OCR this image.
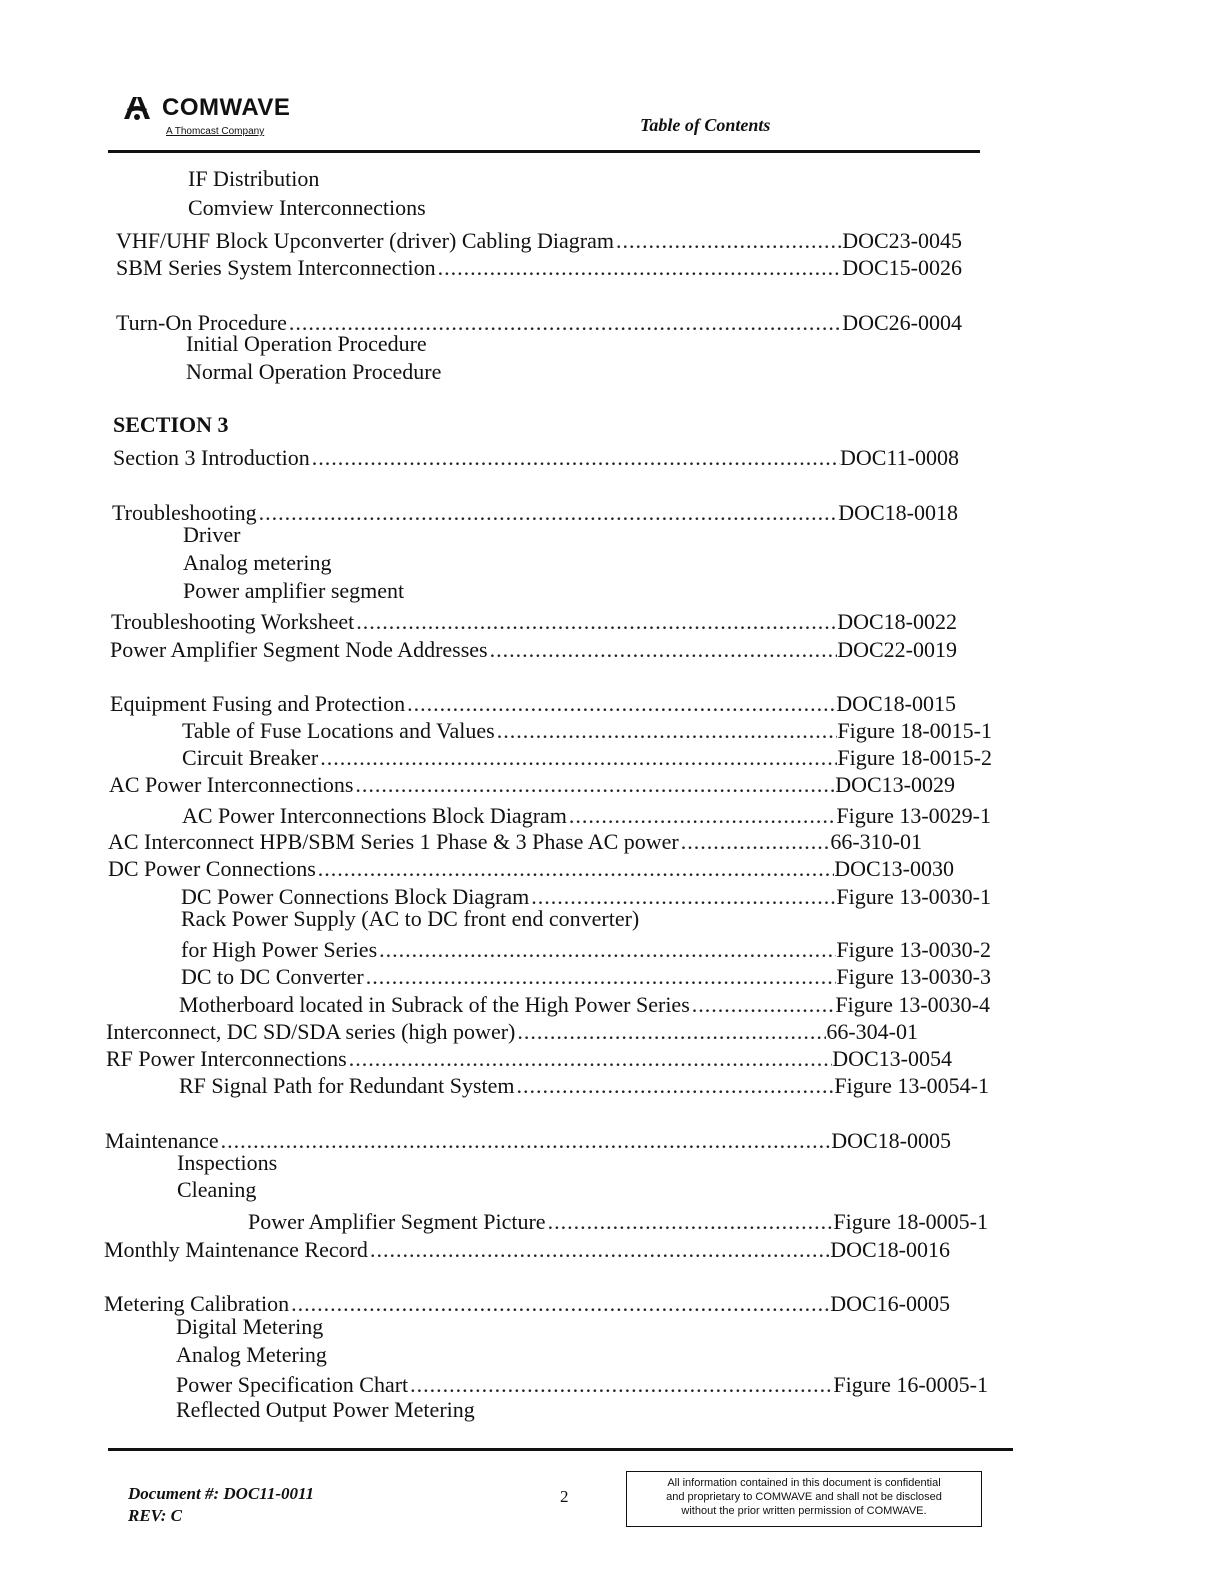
COMWAVE
A Thomcast Company	Table of Contents
IF Distribution
Comview Interconnections
VHF/UHF Block Upconverter (driver) Cabling Diagram .....	DOC23-0045
SBM Series System Interconnection .....	DOC15-0026
Turn-On Procedure .....	DOC26-0004
Initial Operation Procedure
Normal Operation Procedure
SECTION 3
Section 3 Introduction .....	DOC11-0008
Troubleshooting .....	DOC18-0018
Driver
Analog metering
Power amplifier segment
Troubleshooting Worksheet .....	DOC18-0022
Power Amplifier Segment Node Addresses .....	DOC22-0019
Equipment Fusing and Protection .....	DOC18-0015
Table of Fuse Locations and Values .....	Figure 18-0015-1
Circuit Breaker .....	Figure 18-0015-2
AC Power Interconnections .....	DOC13-0029
AC Power Interconnections Block Diagram .....	Figure 13-0029-1
AC Interconnect HPB/SBM Series 1 Phase & 3 Phase AC power .....	66-310-01
DC Power Connections .....	DOC13-0030
DC Power Connections Block Diagram .....	Figure 13-0030-1
Rack Power Supply (AC to DC front end converter)
for High Power Series .....	Figure 13-0030-2
DC to DC Converter .....	Figure 13-0030-3
Motherboard located in Subrack of the High Power Series .....	Figure 13-0030-4
Interconnect, DC SD/SDA series (high power) .....	66-304-01
RF Power Interconnections .....	DOC13-0054
RF Signal Path for Redundant System .....	Figure 13-0054-1
Maintenance .....	DOC18-0005
Inspections
Cleaning
Power Amplifier Segment Picture .....	Figure 18-0005-1
Monthly Maintenance Record .....	DOC18-0016
Metering Calibration .....	DOC16-0005
Digital Metering
Analog Metering
Power Specification Chart .....	Figure 16-0005-1
Reflected Output Power Metering
Document #: DOC11-0011
REV: C
2
All information contained in this document is confidential
and proprietary to COMWAVE and shall not be disclosed
without the prior written permission of COMWAVE.
